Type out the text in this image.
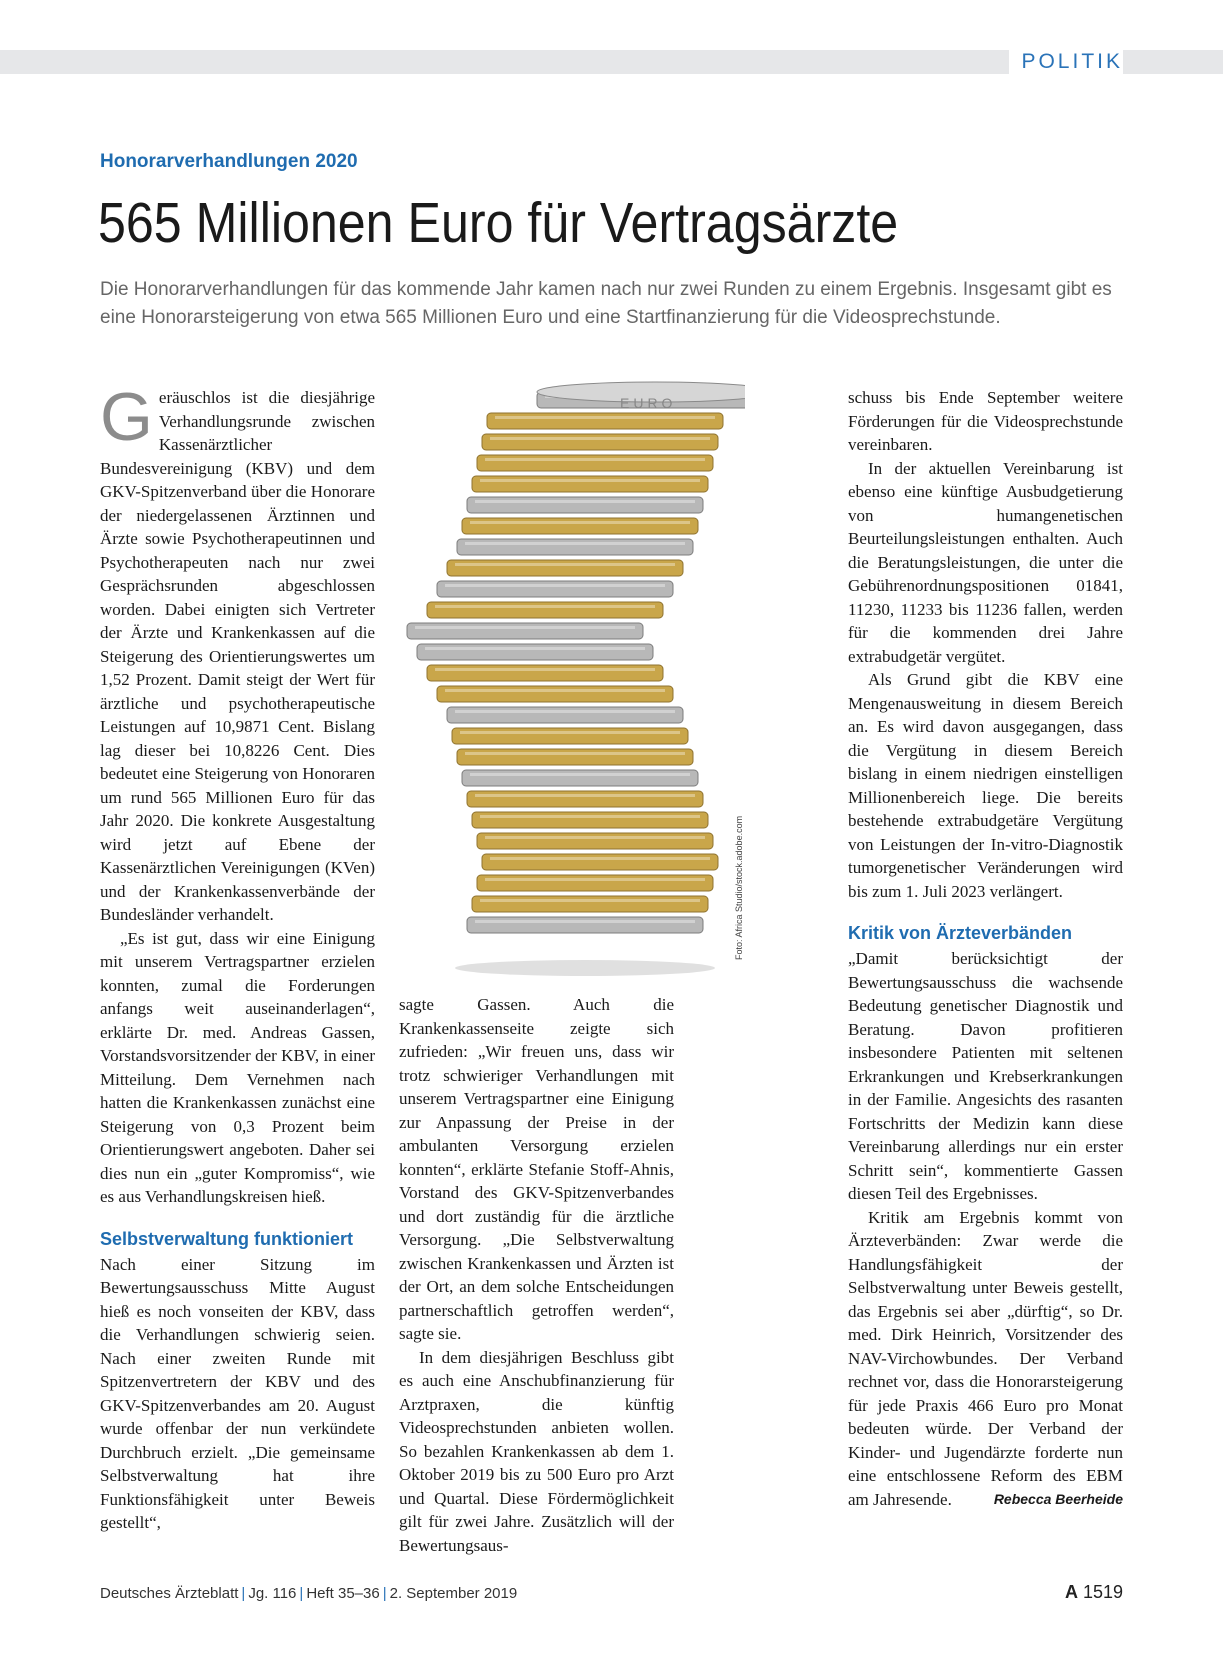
POLITIK
Honorarverhandlungen 2020
565 Millionen Euro für Vertragsärzte

Die Honorarverhandlungen für das kommende Jahr kamen nach nur zwei Runden zu einem Ergebnis. Insgesamt gibt es eine Honorarsteigerung von etwa 565 Millionen Euro und eine Startfinanzierung für die Videosprechstunde.

Geräuschlos ist die diesjährige Verhandlungsrunde zwischen Kassenärztlicher Bundesvereinigung (KBV) und dem GKV-Spitzenverband über die Honorare der niedergelassenen Ärztinnen und Ärzte sowie Psychotherapeutinnen und Psychotherapeuten nach nur zwei Gesprächsrunden abgeschlossen worden. Dabei einigten sich Vertreter der Ärzte und Krankenkassen auf die Steigerung des Orientierungswertes um 1,52 Prozent. Damit steigt der Wert für ärztliche und psychotherapeutische Leistungen auf 10,9871 Cent. Bislang lag dieser bei 10,8226 Cent. Dies bedeutet eine Steigerung von Honoraren um rund 565 Millionen Euro für das Jahr 2020. Die konkrete Ausgestaltung wird jetzt auf Ebene der Kassenärztlichen Vereinigungen (KVen) und der Krankenkassenverbände der Bundesländer verhandelt.

„Es ist gut, dass wir eine Einigung mit unserem Vertragspartner erzielen konnten, zumal die Forderungen anfangs weit auseinanderlagen“, erklärte Dr. med. Andreas Gassen, Vorstandsvorsitzender der KBV, in einer Mitteilung. Dem Vernehmen nach hatten die Krankenkassen zunächst eine Steigerung von 0,3 Prozent beim Orientierungswert angeboten. Daher sei dies nun ein „guter Kompromiss“, wie es aus Verhandlungskreisen hieß.

Selbstverwaltung funktioniert

Nach einer Sitzung im Bewertungsausschuss Mitte August hieß es noch vonseiten der KBV, dass die Verhandlungen schwierig seien. Nach einer zweiten Runde mit Spitzenvertretern der KBV und des GKV-Spitzenverbandes am 20. August wurde offenbar der nun verkündete Durchbruch erzielt. „Die gemeinsame Selbstverwaltung hat ihre Funktionsfähigkeit unter Beweis gestellt“,

EURO
Foto: Africa Studio/stock.adobe.com

sagte Gassen. Auch die Krankenkassenseite zeigte sich zufrieden: „Wir freuen uns, dass wir trotz schwieriger Verhandlungen mit unserem Vertragspartner eine Einigung zur Anpassung der Preise in der ambulanten Versorgung erzielen konnten“, erklärte Stefanie Stoff-Ahnis, Vorstand des GKV-Spitzenverbandes und dort zuständig für die ärztliche Versorgung. „Die Selbstverwaltung zwischen Krankenkassen und Ärzten ist der Ort, an dem solche Entscheidungen partnerschaftlich getroffen werden“, sagte sie.

In dem diesjährigen Beschluss gibt es auch eine Anschubfinanzierung für Arztpraxen, die künftig Videosprechstunden anbieten wollen. So bezahlen Krankenkassen ab dem 1. Oktober 2019 bis zu 500 Euro pro Arzt und Quartal. Diese Fördermöglichkeit gilt für zwei Jahre. Zusätzlich will der Bewertungsaus-

schuss bis Ende September weitere Förderungen für die Videosprechstunde vereinbaren.

In der aktuellen Vereinbarung ist ebenso eine künftige Ausbudgetierung von humangenetischen Beurteilungsleistungen enthalten. Auch die Beratungsleistungen, die unter die Gebührenordnungspositionen 01841, 11230, 11233 bis 11236 fallen, werden für die kommenden drei Jahre extrabudgetär vergütet.

Als Grund gibt die KBV eine Mengenausweitung in diesem Bereich an. Es wird davon ausgegangen, dass die Vergütung in diesem Bereich bislang in einem niedrigen einstelligen Millionenbereich liege. Die bereits bestehende extrabudgetäre Vergütung von Leistungen der In-vitro-Diagnostik tumorgenetischer Veränderungen wird bis zum 1. Juli 2023 verlängert.

Kritik von Ärzteverbänden

„Damit berücksichtigt der Bewertungsausschuss die wachsende Bedeutung genetischer Diagnostik und Beratung. Davon profitieren insbesondere Patienten mit seltenen Erkrankungen und Krebserkrankungen in der Familie. Angesichts des rasanten Fortschritts der Medizin kann diese Vereinbarung allerdings nur ein erster Schritt sein“, kommentierte Gassen diesen Teil des Ergebnisses.

Kritik am Ergebnis kommt von Ärzteverbänden: Zwar werde die Handlungsfähigkeit der Selbstverwaltung unter Beweis gestellt, das Ergebnis sei aber „dürftig“, so Dr. med. Dirk Heinrich, Vorsitzender des NAV-Virchowbundes. Der Verband rechnet vor, dass die Honorarsteigerung für jede Praxis 466 Euro pro Monat bedeuten würde. Der Verband der Kinder- und Jugendärzte forderte nun eine entschlossene Reform des EBM am Jahresende.	Rebecca Beerheide

Deutsches Ärzteblatt | Jg. 116 | Heft 35–36 | 2. September 2019	A 1519
